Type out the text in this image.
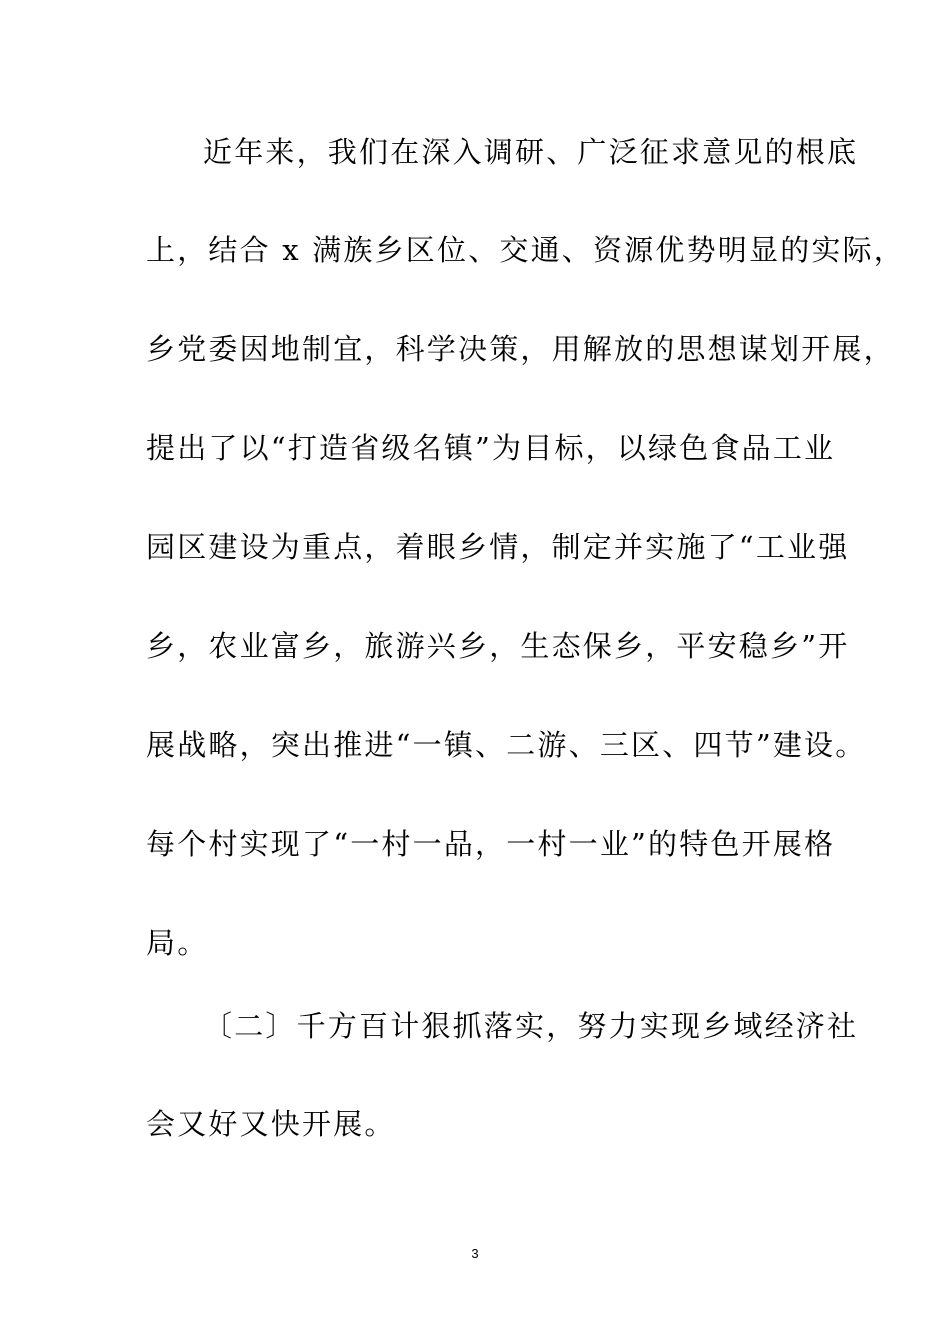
近年来，我们在深入调研、广泛征求意见的根底
上，结合 x 满族乡区位、交通、资源优势明显的实际，
乡党委因地制宜，科学决策，用解放的思想谋划开展，
提出了以“打造省级名镇”为目标，以绿色食品工业
园区建设为重点，着眼乡情，制定并实施了“工业强
乡，农业富乡，旅游兴乡，生态保乡，平安稳乡”开
展战略，突出推进“一镇、二游、三区、四节”建设。
每个村实现了“一村一品，一村一业”的特色开展格
局。
〔二〕千方百计狠抓落实，努力实现乡域经济社
会又好又快开展。
3
